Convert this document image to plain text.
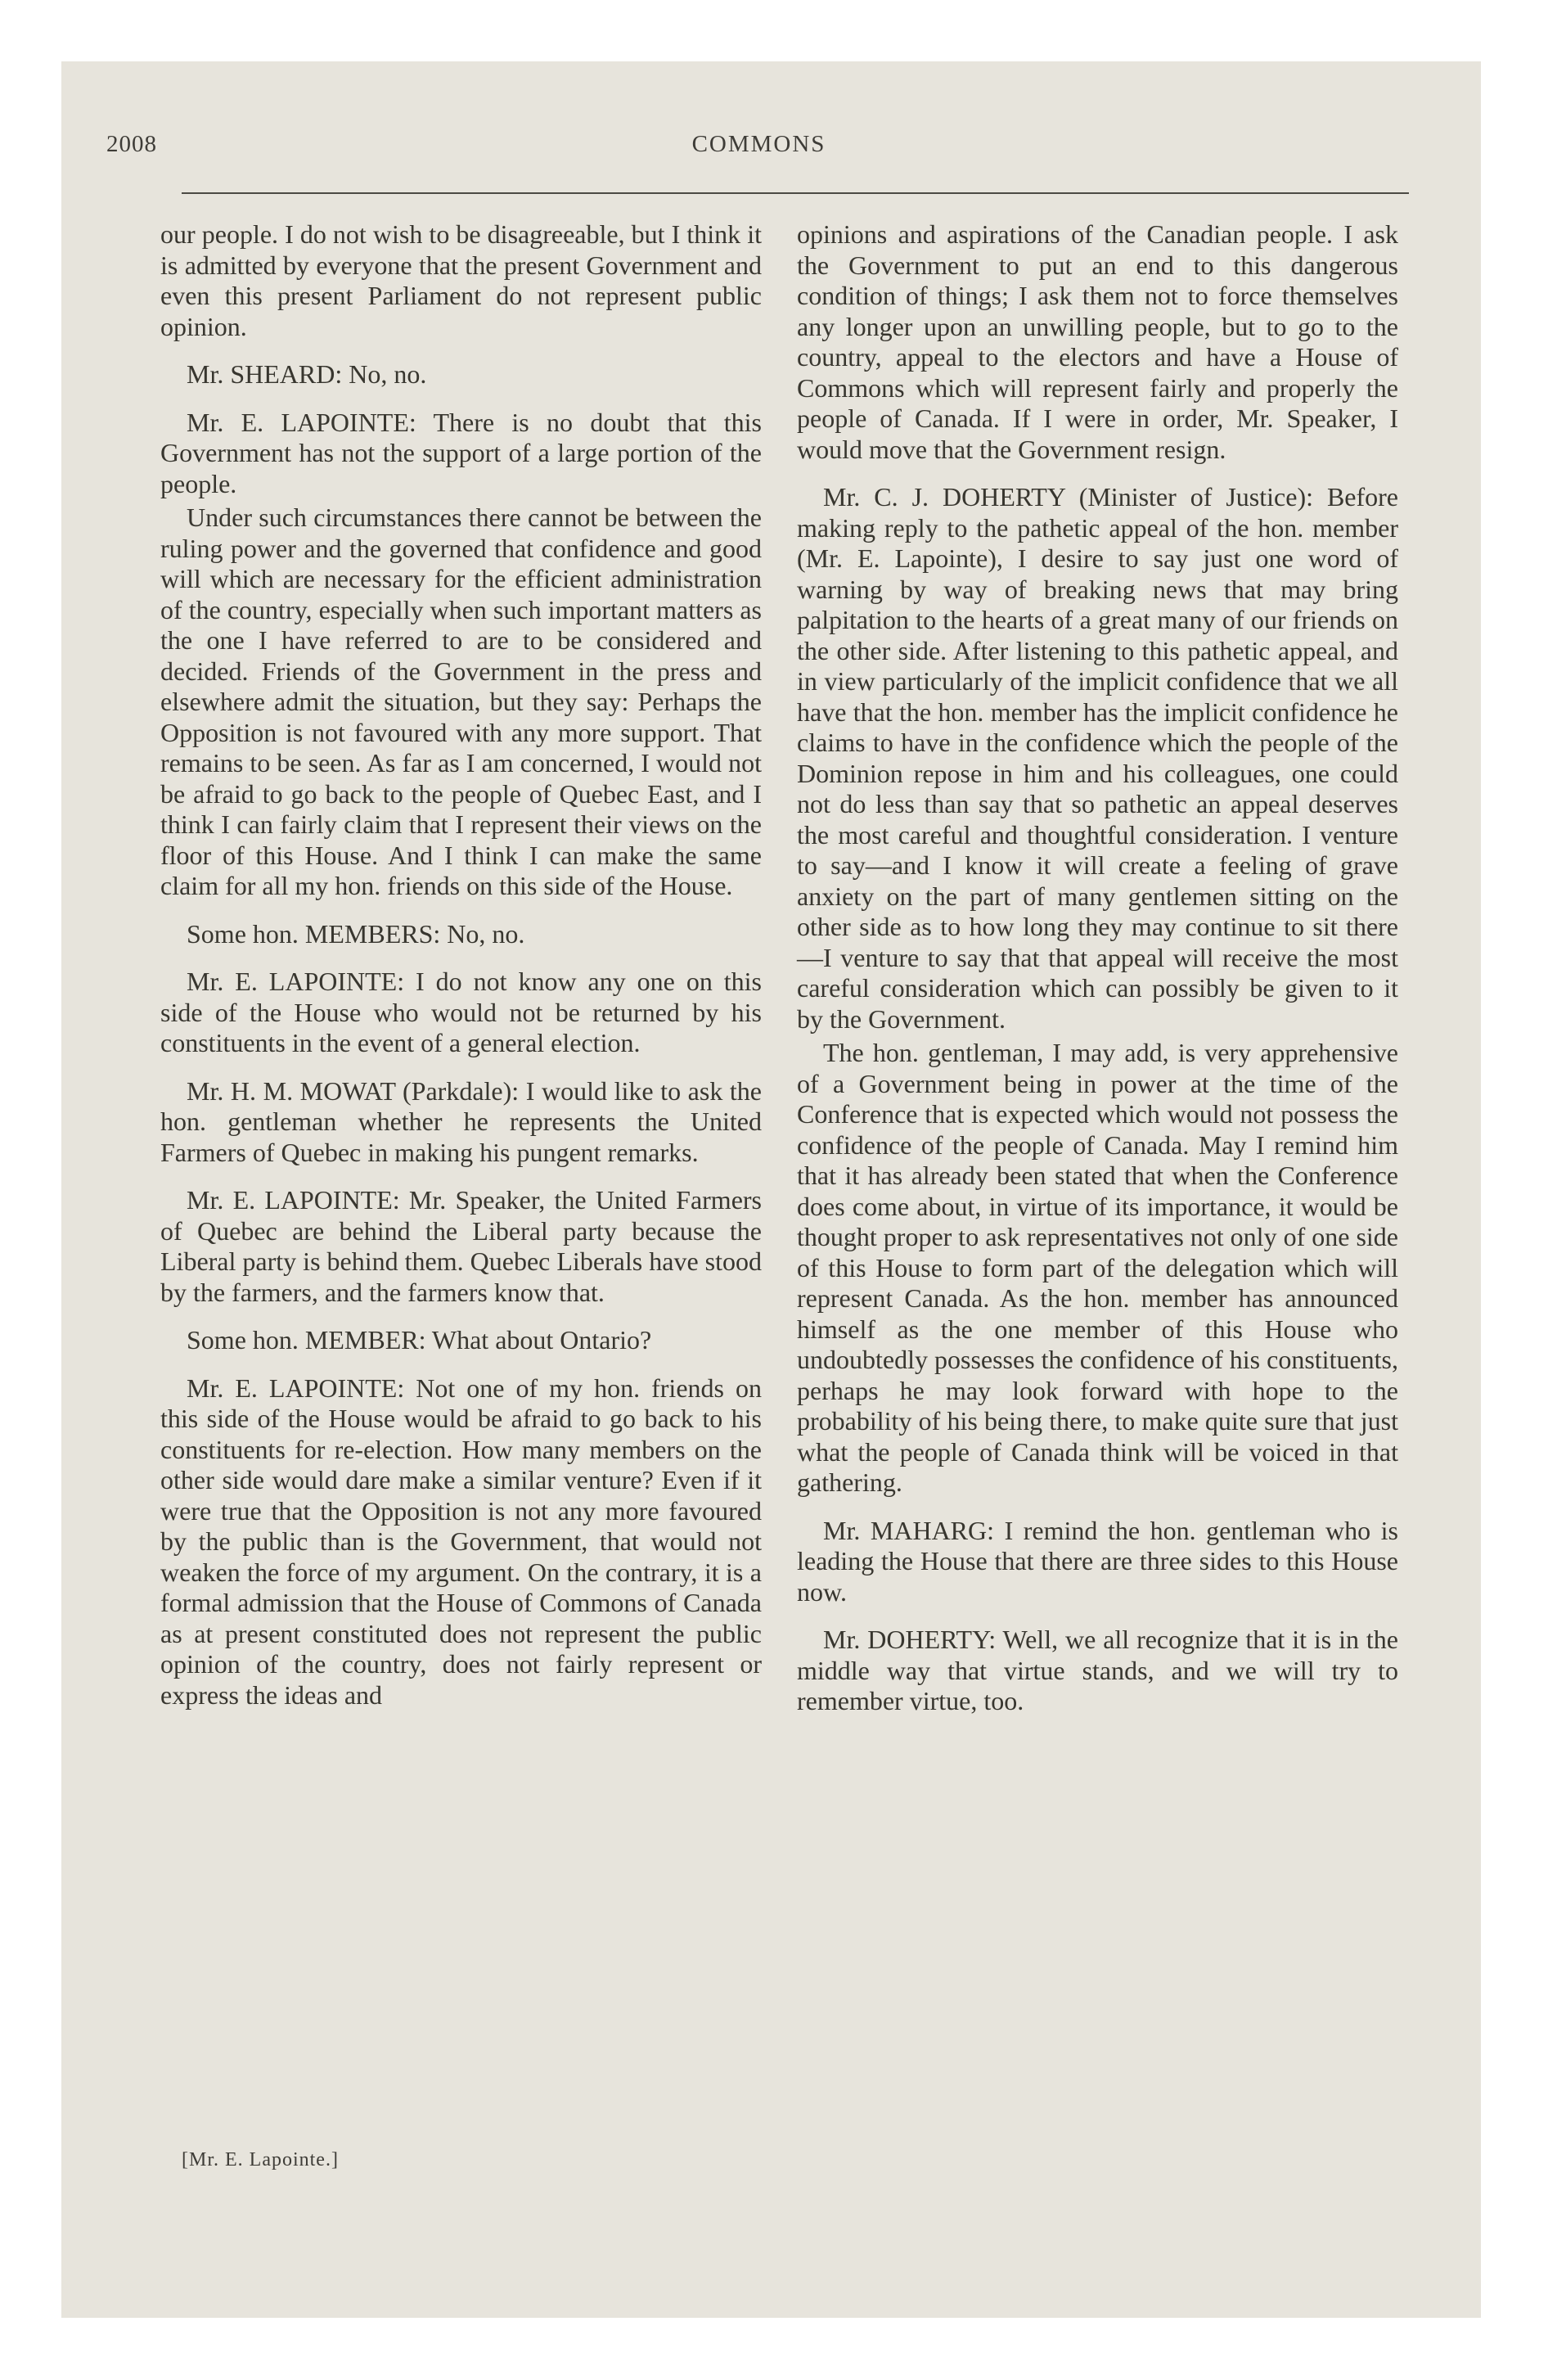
2008	COMMONS

our people. I do not wish to be disagreeable, but I think it is admitted by everyone that the present Government and even this present Parliament do not represent public opinion.

Mr. SHEARD: No, no.

Mr. E. LAPOINTE: There is no doubt that this Government has not the support of a large portion of the people.

Under such circumstances there cannot be between the ruling power and the governed that confidence and good will which are necessary for the efficient administration of the country, especially when such important matters as the one I have referred to are to be considered and decided. Friends of the Government in the press and elsewhere admit the situation, but they say: Perhaps the Opposition is not favoured with any more support. That remains to be seen. As far as I am concerned, I would not be afraid to go back to the people of Quebec East, and I think I can fairly claim that I represent their views on the floor of this House. And I think I can make the same claim for all my hon. friends on this side of the House.

Some hon. MEMBERS: No, no.

Mr. E. LAPOINTE: I do not know any one on this side of the House who would not be returned by his constituents in the event of a general election.

Mr. H. M. MOWAT (Parkdale): I would like to ask the hon. gentleman whether he represents the United Farmers of Quebec in making his pungent remarks.

Mr. E. LAPOINTE: Mr. Speaker, the United Farmers of Quebec are behind the Liberal party because the Liberal party is behind them. Quebec Liberals have stood by the farmers, and the farmers know that.

Some hon. MEMBER: What about Ontario?

Mr. E. LAPOINTE: Not one of my hon. friends on this side of the House would be afraid to go back to his constituents for re-election. How many members on the other side would dare make a similar venture? Even if it were true that the Opposition is not any more favoured by the public than is the Government, that would not weaken the force of my argument. On the contrary, it is a formal admission that the House of Commons of Canada as at present constituted does not represent the public opinion of the country, does not fairly represent or express the ideas and

opinions and aspirations of the Canadian people. I ask the Government to put an end to this dangerous condition of things; I ask them not to force themselves any longer upon an unwilling people, but to go to the country, appeal to the electors and have a House of Commons which will represent fairly and properly the people of Canada. If I were in order, Mr. Speaker, I would move that the Government resign.

Mr. C. J. DOHERTY (Minister of Justice): Before making reply to the pathetic appeal of the hon. member (Mr. E. Lapointe), I desire to say just one word of warning by way of breaking news that may bring palpitation to the hearts of a great many of our friends on the other side. After listening to this pathetic appeal, and in view particularly of the implicit confidence that we all have that the hon. member has the implicit confidence he claims to have in the confidence which the people of the Dominion repose in him and his colleagues, one could not do less than say that so pathetic an appeal deserves the most careful and thoughtful consideration. I venture to say—and I know it will create a feeling of grave anxiety on the part of many gentlemen sitting on the other side as to how long they may continue to sit there—I venture to say that that appeal will receive the most careful consideration which can possibly be given to it by the Government.

The hon. gentleman, I may add, is very apprehensive of a Government being in power at the time of the Conference that is expected which would not possess the confidence of the people of Canada. May I remind him that it has already been stated that when the Conference does come about, in virtue of its importance, it would be thought proper to ask representatives not only of one side of this House to form part of the delegation which will represent Canada. As the hon. member has announced himself as the one member of this House who undoubtedly possesses the confidence of his constituents, perhaps he may look forward with hope to the probability of his being there, to make quite sure that just what the people of Canada think will be voiced in that gathering.

Mr. MAHARG: I remind the hon. gentleman who is leading the House that there are three sides to this House now.

Mr. DOHERTY: Well, we all recognize that it is in the middle way that virtue stands, and we will try to remember virtue, too.

[Mr. E. Lapointe.]
